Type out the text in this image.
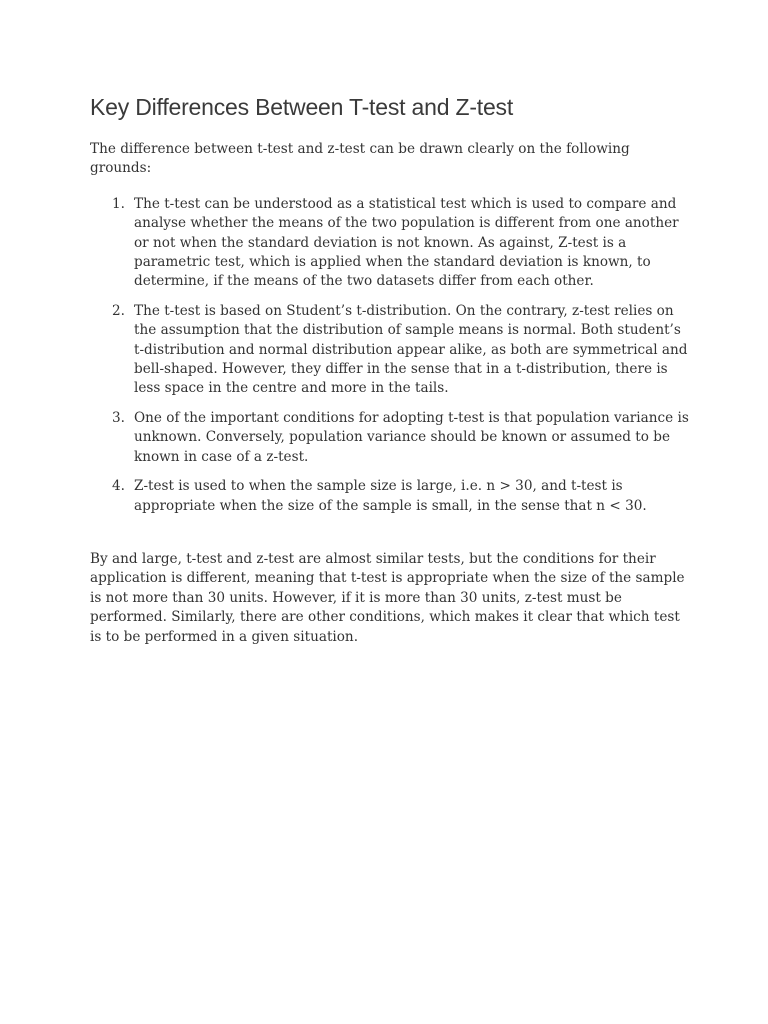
Key Differences Between T-test and Z-test

The difference between t-test and z-test can be drawn clearly on the following grounds:

1. The t-test can be understood as a statistical test which is used to compare and analyse whether the means of the two population is different from one another or not when the standard deviation is not known. As against, Z-test is a parametric test, which is applied when the standard deviation is known, to determine, if the means of the two datasets differ from each other.
2. The t-test is based on Student’s t-distribution. On the contrary, z-test relies on the assumption that the distribution of sample means is normal. Both student’s t-distribution and normal distribution appear alike, as both are symmetrical and bell-shaped. However, they differ in the sense that in a t-distribution, there is less space in the centre and more in the tails.
3. One of the important conditions for adopting t-test is that population variance is unknown. Conversely, population variance should be known or assumed to be known in case of a z-test.
4. Z-test is used to when the sample size is large, i.e. n > 30, and t-test is appropriate when the size of the sample is small, in the sense that n < 30.

By and large, t-test and z-test are almost similar tests, but the conditions for their application is different, meaning that t-test is appropriate when the size of the sample is not more than 30 units. However, if it is more than 30 units, z-test must be performed. Similarly, there are other conditions, which makes it clear that which test is to be performed in a given situation.
